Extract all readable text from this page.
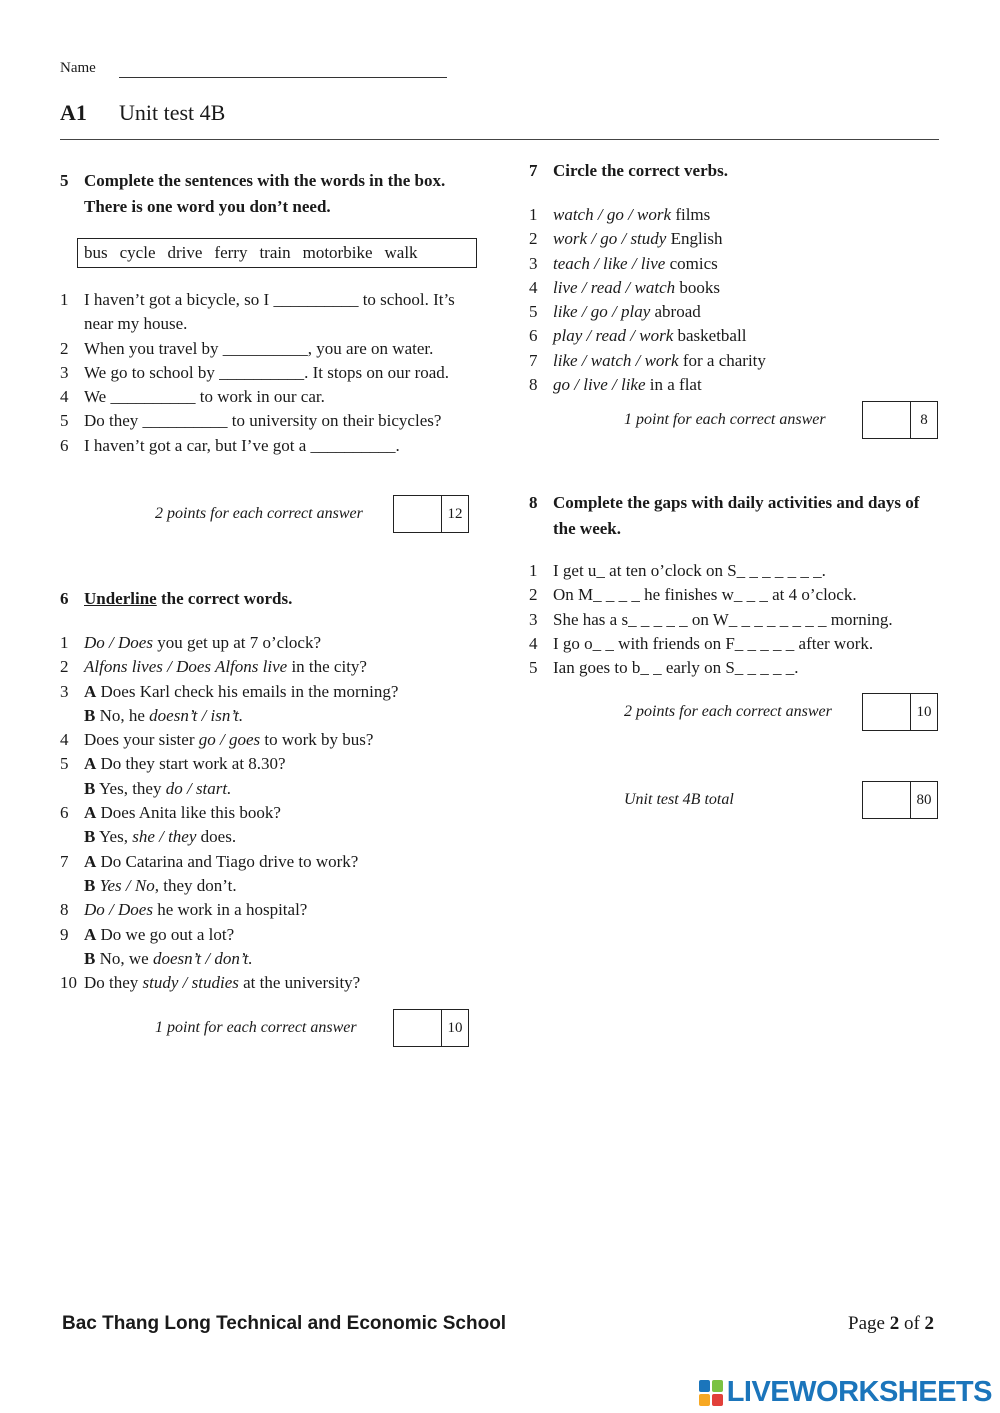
Name
A1 Unit test 4B
5 Complete the sentences with the words in the box. There is one word you don’t need.
bus cycle drive ferry train motorbike walk
1 I haven’t got a bicycle, so I __________ to school. It’s near my house.
2 When you travel by __________, you are on water.
3 We go to school by __________. It stops on our road.
4 We __________ to work in our car.
5 Do they __________ to university on their bicycles?
6 I haven’t got a car, but I’ve got a __________.
2 points for each correct answer	12
6 Underline the correct words.
1 Do / Does you get up at 7 o’clock?
2 Alfons lives / Does Alfons live in the city?
3 A Does Karl check his emails in the morning?
B No, he doesn’t / isn’t.
4 Does your sister go / goes to work by bus?
5 A Do they start work at 8.30?
B Yes, they do / start.
6 A Does Anita like this book?
B Yes, she / they does.
7 A Do Catarina and Tiago drive to work?
B Yes / No, they don’t.
8 Do / Does he work in a hospital?
9 A Do we go out a lot?
B No, we doesn’t / don’t.
10 Do they study / studies at the university?
1 point for each correct answer	10
7 Circle the correct verbs.
1 watch / go / work films
2 work / go / study English
3 teach / like / live comics
4 live / read / watch books
5 like / go / play abroad
6 play / read / work basketball
7 like / watch / work for a charity
8 go / live / like in a flat
1 point for each correct answer	8
8 Complete the gaps with daily activities and days of the week.
1 I get u_ at ten o’clock on S_ _ _ _ _ _ _.
2 On M_ _ _ _ he finishes w_ _ _ at 4 o’clock.
3 She has a s_ _ _ _ _ on W_ _ _ _ _ _ _ _ morning.
4 I go o_ _ with friends on F_ _ _ _ _ after work.
5 Ian goes to b_ _ early on S_ _ _ _ _.
2 points for each correct answer	10
Unit test 4B total	80
Bac Thang Long Technical and Economic School	Page 2 of 2
LIVEWORKSHEETS
